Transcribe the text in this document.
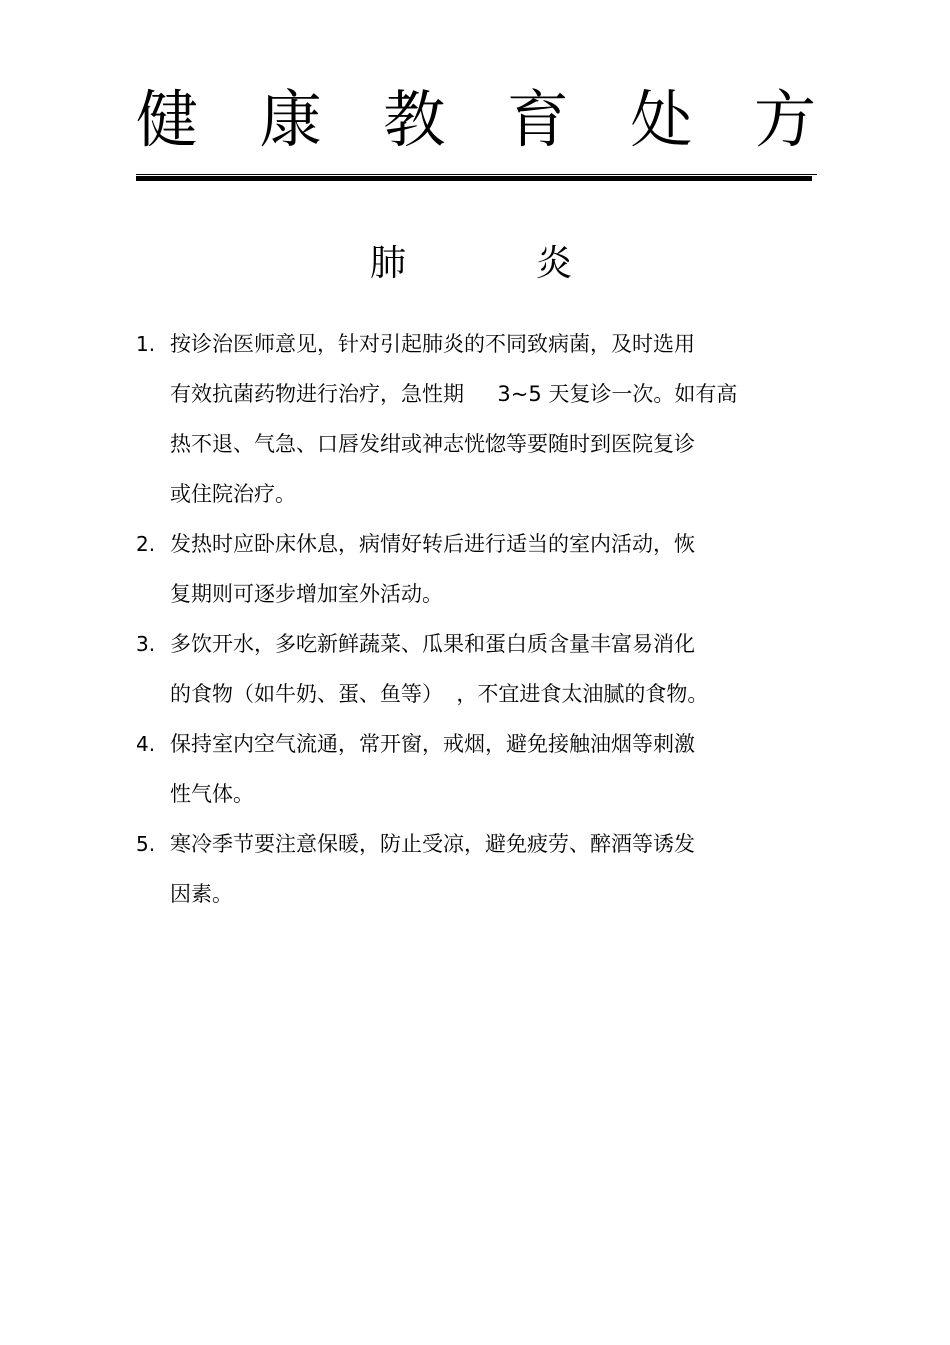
健 康 教 育 处 方
肺	炎
1. 按诊治医师意见，针对引起肺炎的不同致病菌，及时选用
有效抗菌药物进行治疗，急性期     3~5 天复诊一次。如有高
热不退、气急、口唇发绀或神志恍惚等要随时到医院复诊
或住院治疗。
2. 发热时应卧床休息，病情好转后进行适当的室内活动，恢
复期则可逐步增加室外活动。
3. 多饮开水，多吃新鲜蔬菜、瓜果和蛋白质含量丰富易消化
的食物（如牛奶、蛋、鱼等）  ，不宜进食太油腻的食物。
4. 保持室内空气流通，常开窗，戒烟，避免接触油烟等刺激
性气体。
5. 寒冷季节要注意保暖，防止受凉，避免疲劳、醉酒等诱发
因素。
